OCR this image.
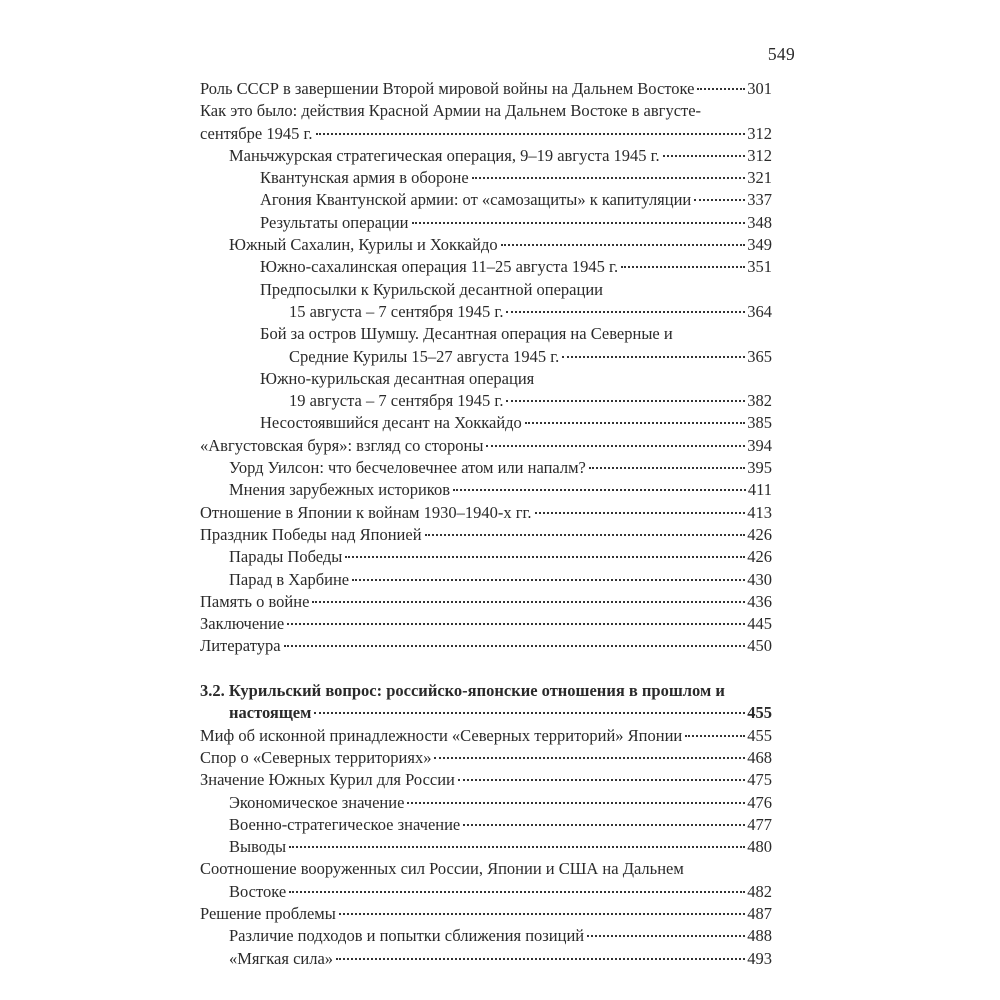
549
Роль СССР в завершении Второй мировой войны на Дальнем Востоке	301
Как это было: действия Красной Армии на Дальнем Востоке в августе-
сентябре 1945 г.	312
Маньчжурская стратегическая операция, 9–19 августа 1945 г.	312
Квантунская армия в обороне	321
Агония Квантунской армии: от «самозащиты» к капитуляции	337
Результаты операции	348
Южный Сахалин, Курилы и Хоккайдо	349
Южно-сахалинская операция 11–25 августа 1945 г.	351
Предпосылки к Курильской десантной операции
15 августа – 7 сентября 1945 г.	364
Бой за остров Шумшу. Десантная операция на Северные и
Средние Курилы 15–27 августа 1945 г.	365
Южно-курильская десантная операция
19 августа – 7 сентября 1945 г.	382
Несостоявшийся десант на Хоккайдо	385
«Августовская буря»: взгляд со стороны	394
Уорд Уилсон: что бесчеловечнее атом или напалм?	395
Мнения зарубежных историков	411
Отношение в Японии к войнам 1930–1940-х гг.	413
Праздник Победы над Японией	426
Парады Победы	426
Парад в Харбине	430
Память о войне	436
Заключение	445
Литература	450
3.2. Курильский вопрос: российско-японские отношения в прошлом и
настоящем	455
Миф об исконной принадлежности «Северных территорий» Японии	455
Спор о «Северных территориях»	468
Значение Южных Курил для России	475
Экономическое значение	476
Военно-стратегическое значение	477
Выводы	480
Соотношение вооруженных сил России, Японии и США на Дальнем
Востоке	482
Решение проблемы	487
Различие подходов и попытки сближения позиций	488
«Мягкая сила»	493
